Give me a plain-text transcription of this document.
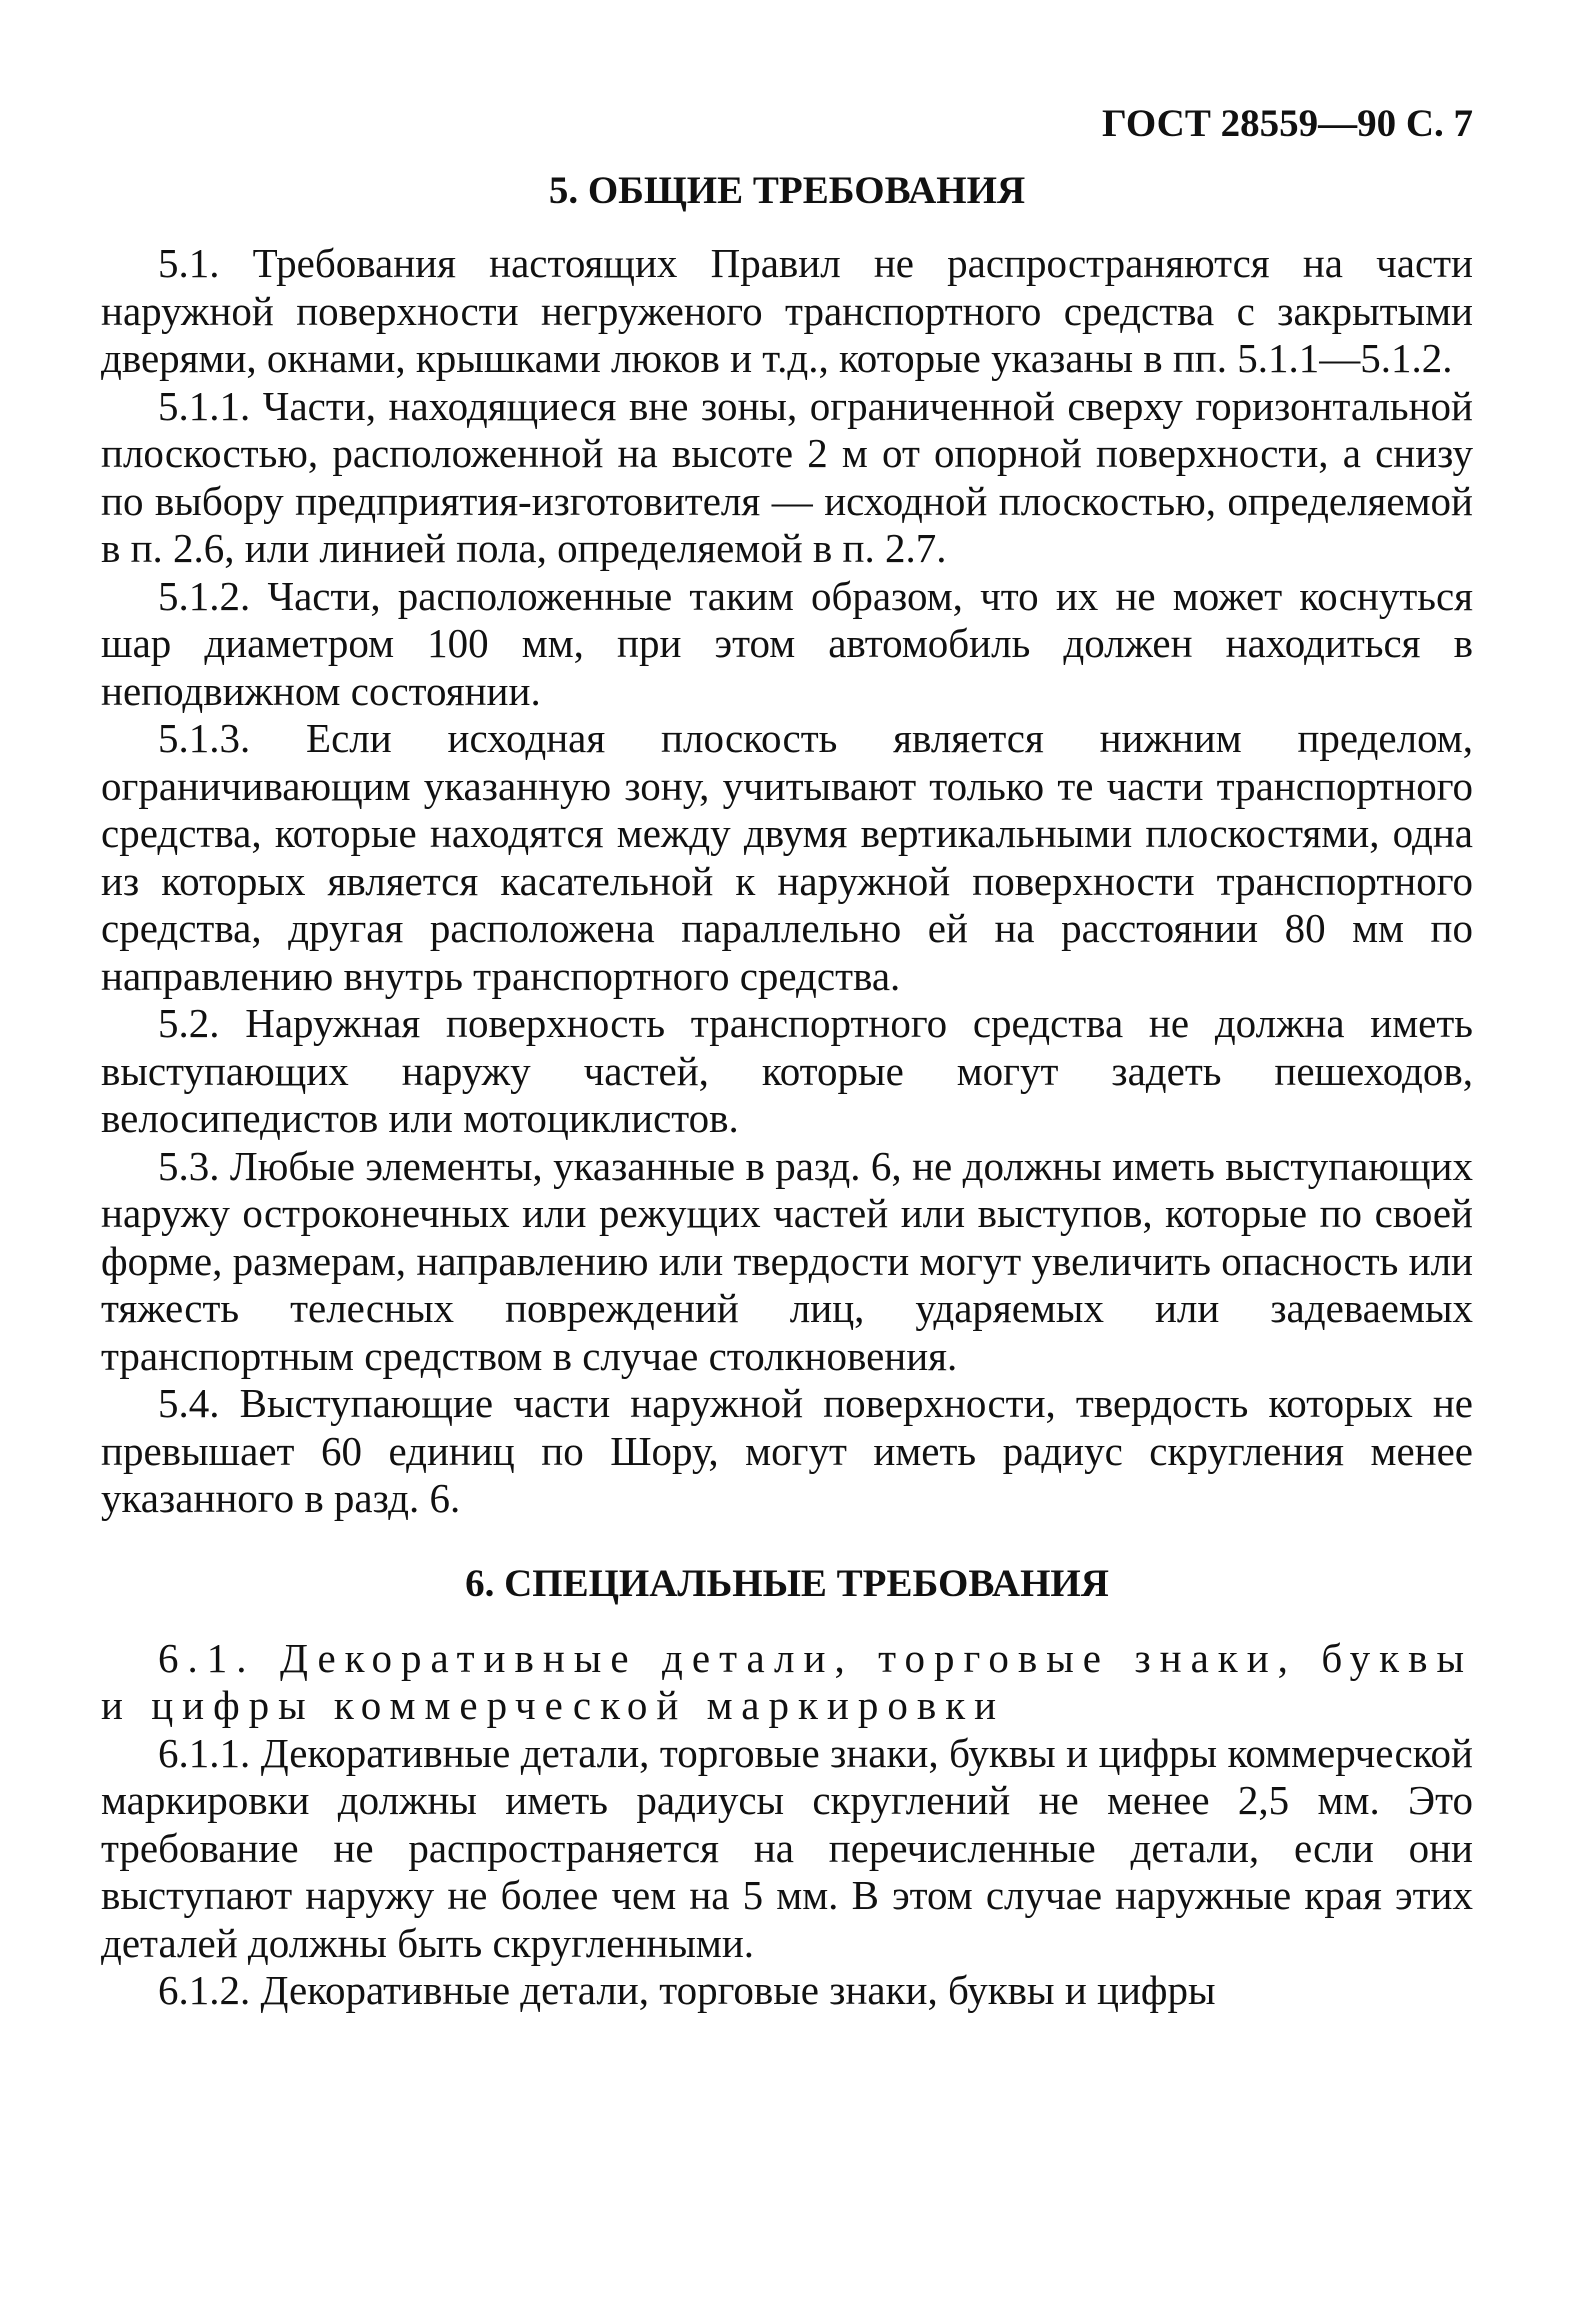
ГОСТ 28559—90 С. 7
5. ОБЩИЕ ТРЕБОВАНИЯ

5.1. Требования настоящих Правил не распространяются на части наружной поверхности негруженого транспортного средства с закрытыми дверями, окнами, крышками люков и т.д., которые указаны в пп. 5.1.1—5.1.2.

5.1.1. Части, находящиеся вне зоны, ограниченной сверху горизонтальной плоскостью, расположенной на высоте 2 м от опорной поверхности, а снизу по выбору предприятия-изготовителя — исходной плоскостью, определяемой в п. 2.6, или линией пола, определяемой в п. 2.7.

5.1.2. Части, расположенные таким образом, что их не может коснуться шар диаметром 100 мм, при этом автомобиль должен находиться в неподвижном состоянии.

5.1.3. Если исходная плоскость является нижним пределом, ограничивающим указанную зону, учитывают только те части транспортного средства, которые находятся между двумя вертикальными плоскостями, одна из которых является касательной к наружной поверхности транспортного средства, другая расположена параллельно ей на расстоянии 80 мм по направлению внутрь транспортного средства.

5.2. Наружная поверхность транспортного средства не должна иметь выступающих наружу частей, которые могут задеть пешеходов, велосипедистов или мотоциклистов.

5.3. Любые элементы, указанные в разд. 6, не должны иметь выступающих наружу остроконечных или режущих частей или выступов, которые по своей форме, размерам, направлению или твердости могут увеличить опасность или тяжесть телесных повреждений лиц, ударяемых или задеваемых транспортным средством в случае столкновения.

5.4. Выступающие части наружной поверхности, твердость которых не превышает 60 единиц по Шору, могут иметь радиус скругления менее указанного в разд. 6.

6. СПЕЦИАЛЬНЫЕ ТРЕБОВАНИЯ

6.1. Декоративные детали, торговые знаки, буквы и цифры коммерческой маркировки

6.1.1. Декоративные детали, торговые знаки, буквы и цифры коммерческой маркировки должны иметь радиусы скруглений не менее 2,5 мм. Это требование не распространяется на перечисленные детали, если они выступают наружу не более чем на 5 мм. В этом случае наружные края этих деталей должны быть скругленными.

6.1.2. Декоративные детали, торговые знаки, буквы и цифры
